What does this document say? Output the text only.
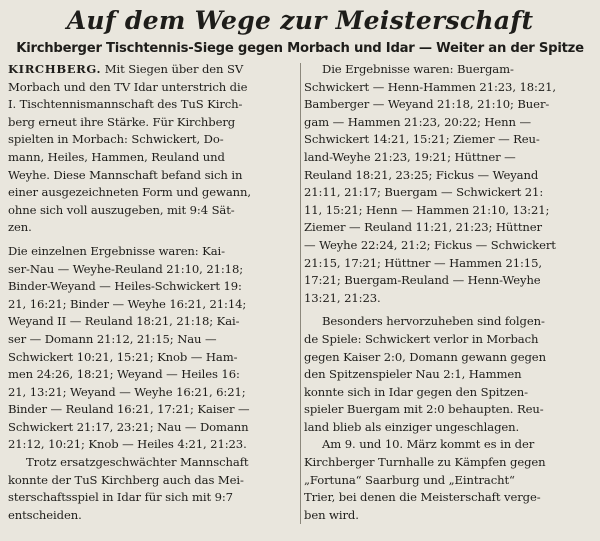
Auf dem Wege zur Meisterschaft
Kirchberger Tischtennis-Siege gegen Morbach und Idar — Weiter an der Spitze

KIRCHBERG. Mit Siegen über den SV
Morbach und den TV Idar unterstrich die
I. Tischtennismannschaft des TuS Kirch-
berg erneut ihre Stärke. Für Kirchberg
spielten in Morbach: Schwickert, Do-
mann, Heiles, Hammen, Reuland und
Weyhe. Diese Mannschaft befand sich in
einer ausgezeichneten Form und gewann,
ohne sich voll auszugeben, mit 9:4 Sät-
zen.

Die einzelnen Ergebnisse waren: Kai-
ser-Nau — Weyhe-Reuland 21:10, 21:18;
Binder-Weyand — Heiles-Schwickert 19:
21, 16:21; Binder — Weyhe 16:21, 21:14;
Weyand II — Reuland 18:21, 21:18; Kai-
ser — Domann 21:12, 21:15; Nau —
Schwickert 10:21, 15:21; Knob — Ham-
men 24:26, 18:21; Weyand — Heiles 16:
21, 13:21; Weyand — Weyhe 16:21, 6:21;
Binder — Reuland 16:21, 17:21; Kaiser —
Schwickert 21:17, 23:21; Nau — Domann
21:12, 10:21; Knob — Heiles 4:21, 21:23.

Trotz ersatzgeschwächter Mannschaft
konnte der TuS Kirchberg auch das Mei-
sterschaftsspiel in Idar für sich mit 9:7
entscheiden.

Die Ergebnisse waren: Buergam-
Schwickert — Henn-Hammen 21:23, 18:21,
Bamberger — Weyand 21:18, 21:10; Buer-
gam — Hammen 21:23, 20:22; Henn —
Schwickert 14:21, 15:21; Ziemer — Reu-
land-Weyhe 21:23, 19:21; Hüttner —
Reuland 18:21, 23:25; Fickus — Weyand
21:11, 21:17; Buergam — Schwickert 21:
11, 15:21; Henn — Hammen 21:10, 13:21;
Ziemer — Reuland 11:21, 21:23; Hüttner
— Weyhe 22:24, 21:2; Fickus — Schwickert
21:15, 17:21; Hüttner — Hammen 21:15,
17:21; Buergam-Reuland — Henn-Weyhe
13:21, 21:23.

Besonders hervorzuheben sind folgen-
de Spiele: Schwickert verlor in Morbach
gegen Kaiser 2:0, Domann gewann gegen
den Spitzenspieler Nau 2:1, Hammen
konnte sich in Idar gegen den Spitzen-
spieler Buergam mit 2:0 behaupten. Reu-
land blieb als einziger ungeschlagen.

Am 9. und 10. März kommt es in der
Kirchberger Turnhalle zu Kämpfen gegen
„Fortuna“ Saarburg und „Eintracht“
Trier, bei denen die Meisterschaft verge-
ben wird.
